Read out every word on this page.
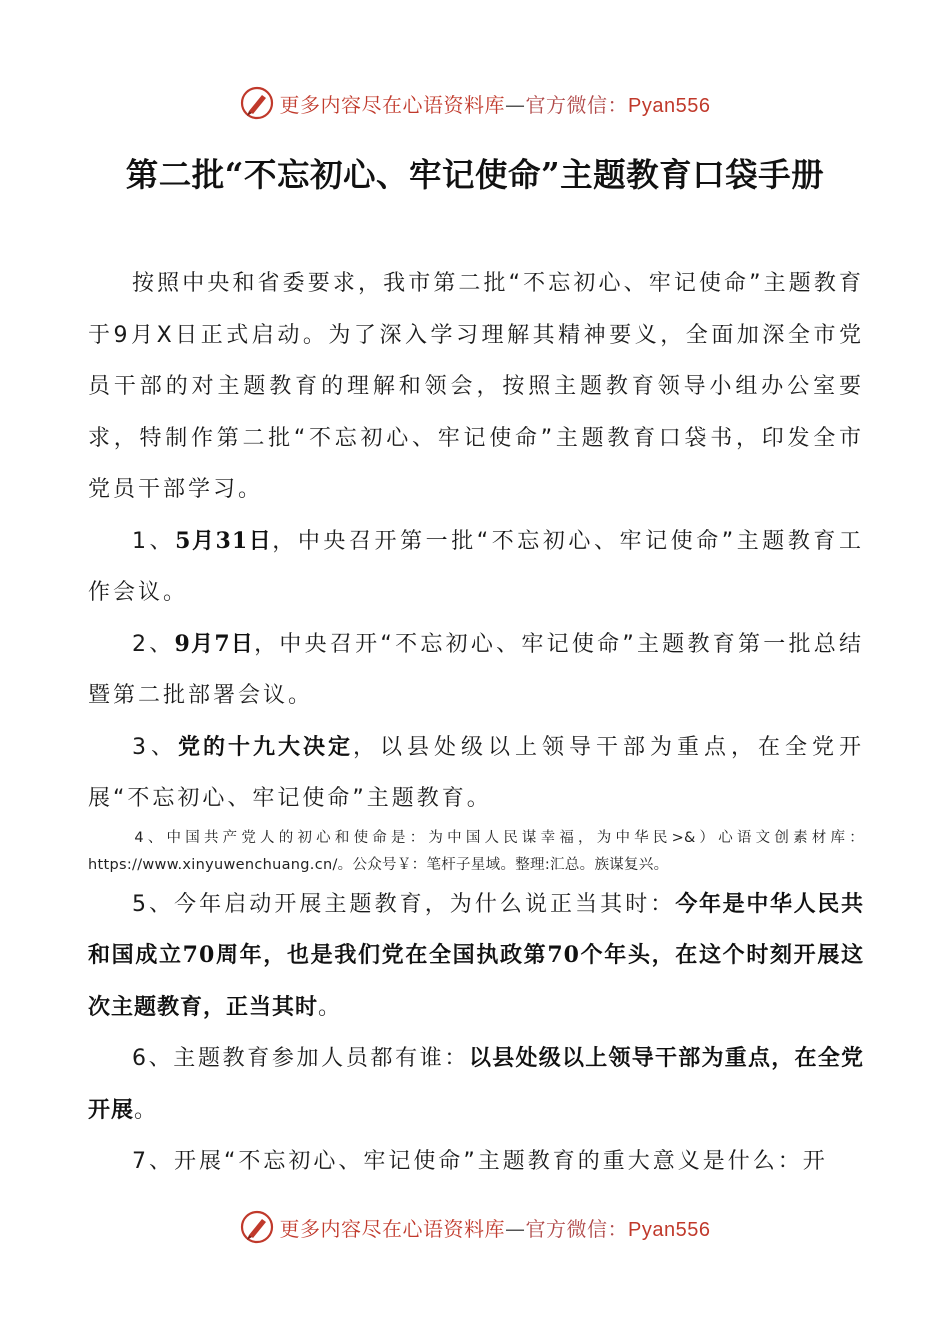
更多内容尽在心语资料库—官方微信：Pyan556
第二批“不忘初心、牢记使命”主题教育口袋手册

按照中央和省委要求，我市第二批“不忘初心、牢记使命”主题教育于9月X日正式启动。为了深入学习理解其精神要义，全面加深全市党员干部的对主题教育的理解和领会，按照主题教育领导小组办公室要求，特制作第二批“不忘初心、牢记使命”主题教育口袋书，印发全市党员干部学习。

1、5月31日，中央召开第一批“不忘初心、牢记使命”主题教育工作会议。

2、9月7日，中央召开“不忘初心、牢记使命”主题教育第一批总结暨第二批部署会议。

3、党的十九大决定，以县处级以上领导干部为重点，在全党开展“不忘初心、牢记使命”主题教育。

4、中国共产党人的初心和使命是：为中国人民谋幸福，为中华民>&）心语文创素材库：https://www.xinyuwenchuang.cn/。公众号￥：笔杆子星域。整理:汇总。族谋复兴。

5、今年启动开展主题教育，为什么说正当其时：今年是中华人民共和国成立70周年，也是我们党在全国执政第70个年头，在这个时刻开展这次主题教育，正当其时。

6、主题教育参加人员都有谁：以县处级以上领导干部为重点，在全党开展。

7、开展“不忘初心、牢记使命”主题教育的重大意义是什么：开

更多内容尽在心语资料库—官方微信：Pyan556
